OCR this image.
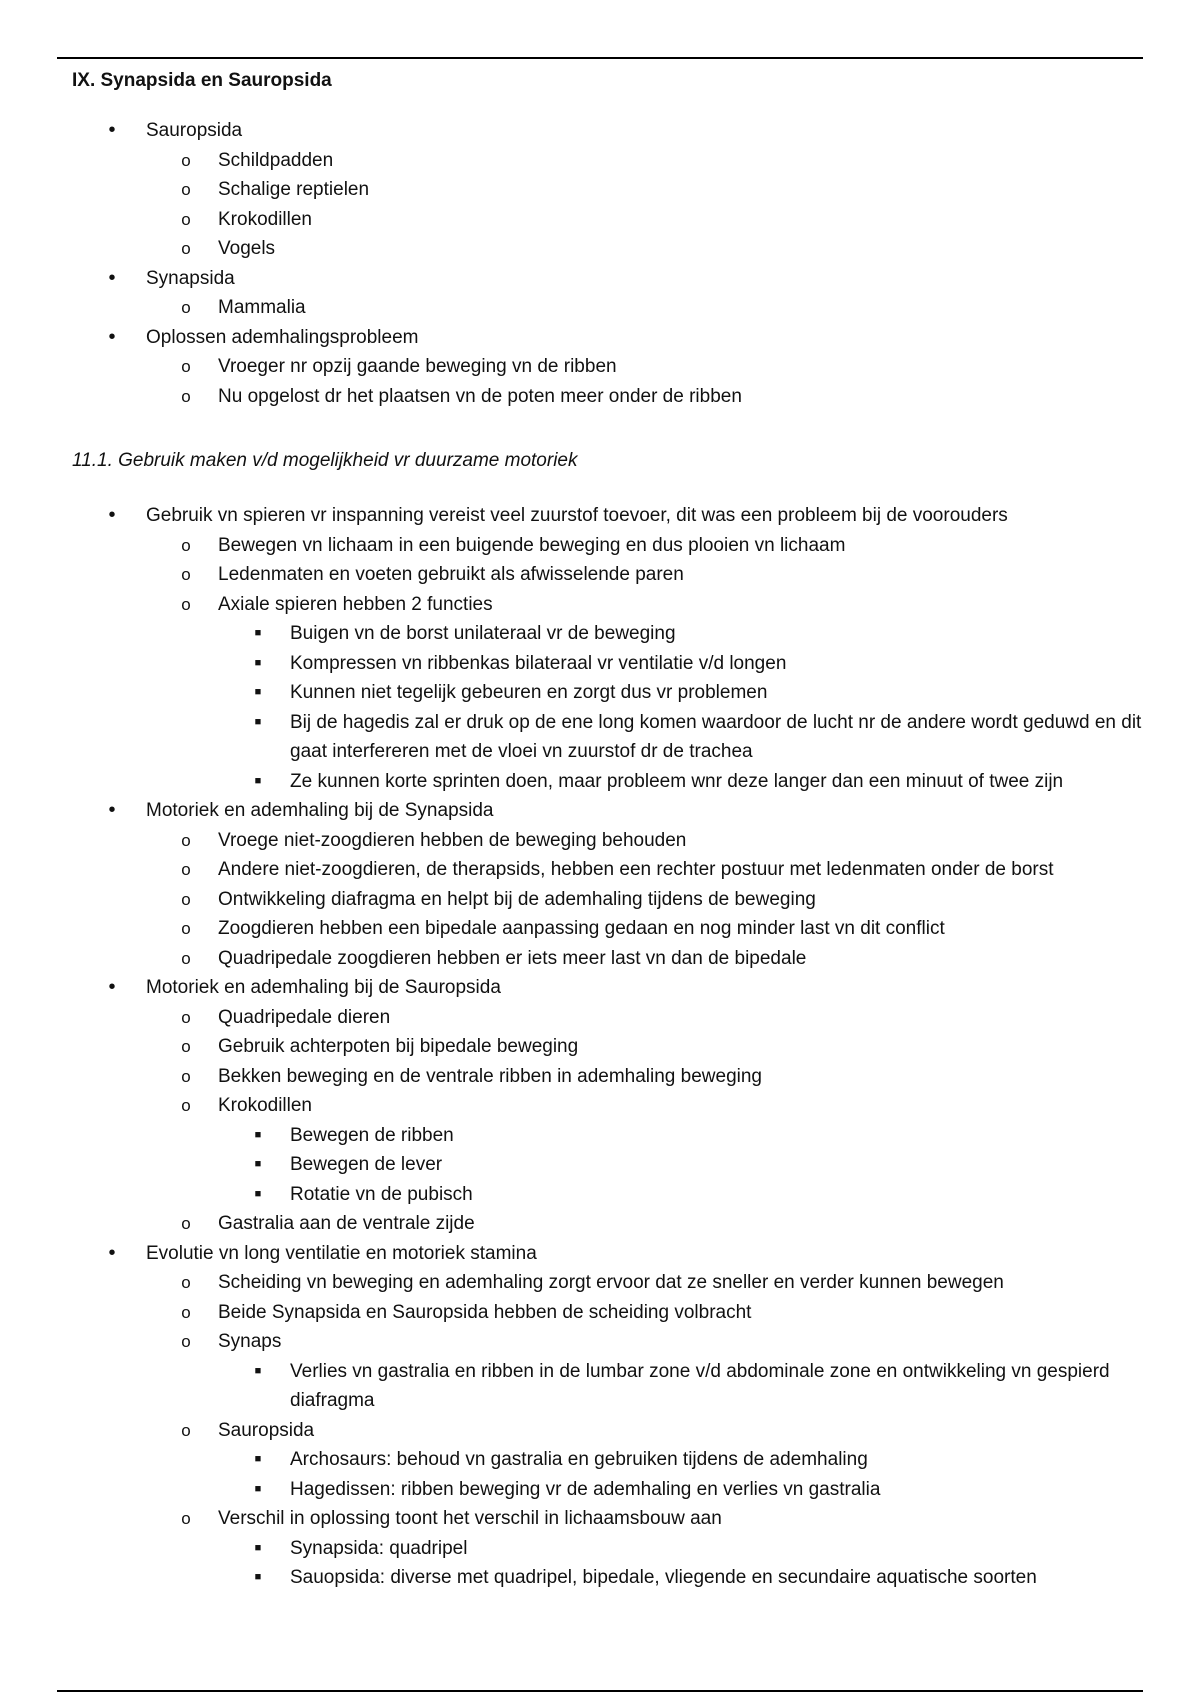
IX. Synapsida en Sauropsida
• Sauropsida
o Schildpadden
o Schalige reptielen
o Krokodillen
o Vogels
• Synapsida
o Mammalia
• Oplossen ademhalingsprobleem
o Vroeger nr opzij gaande beweging vn de ribben
o Nu opgelost dr het plaatsen vn de poten meer onder de ribben
11.1. Gebruik maken v/d mogelijkheid vr duurzame motoriek
• Gebruik vn spieren vr inspanning vereist veel zuurstof toevoer, dit was een probleem bij de voorouders
o Bewegen vn lichaam in een buigende beweging en dus plooien vn lichaam
o Ledenmaten en voeten gebruikt als afwisselende paren
o Axiale spieren hebben 2 functies
■ Buigen vn de borst unilateraal vr de beweging
■ Kompressen vn ribbenkas bilateraal vr ventilatie v/d longen
■ Kunnen niet tegelijk gebeuren en zorgt dus vr problemen
■ Bij de hagedis zal er druk op de ene long komen waardoor de lucht nr de andere wordt geduwd en dit gaat interfereren met de vloei vn zuurstof dr de trachea
■ Ze kunnen korte sprinten doen, maar probleem wnr deze langer dan een minuut of twee zijn
• Motoriek en ademhaling bij de Synapsida
o Vroege niet-zoogdieren hebben de beweging behouden
o Andere niet-zoogdieren, de therapsids, hebben een rechter postuur met ledenmaten onder de borst
o Ontwikkeling diafragma en helpt bij de ademhaling tijdens de beweging
o Zoogdieren hebben een bipedale aanpassing gedaan en nog minder last vn dit conflict
o Quadripedale zoogdieren hebben er iets meer last vn dan de bipedale
• Motoriek en ademhaling bij de Sauropsida
o Quadripedale dieren
o Gebruik achterpoten bij bipedale beweging
o Bekken beweging en de ventrale ribben in ademhaling beweging
o Krokodillen
■ Bewegen de ribben
■ Bewegen de lever
■ Rotatie vn de pubisch
o Gastralia aan de ventrale zijde
• Evolutie vn long ventilatie en motoriek stamina
o Scheiding vn beweging en ademhaling zorgt ervoor dat ze sneller en verder kunnen bewegen
o Beide Synapsida en Sauropsida hebben de scheiding volbracht
o Synaps
■ Verlies vn gastralia en ribben in de lumbar zone v/d abdominale zone en ontwikkeling vn gespierd diafragma
o Sauropsida
■ Archosaurs: behoud vn gastralia en gebruiken tijdens de ademhaling
■ Hagedissen: ribben beweging vr de ademhaling en verlies vn gastralia
o Verschil in oplossing toont het verschil in lichaamsbouw aan
■ Synapsida: quadripel
■ Sauopsida: diverse met quadripel, bipedale, vliegende en secundaire aquatische soorten
